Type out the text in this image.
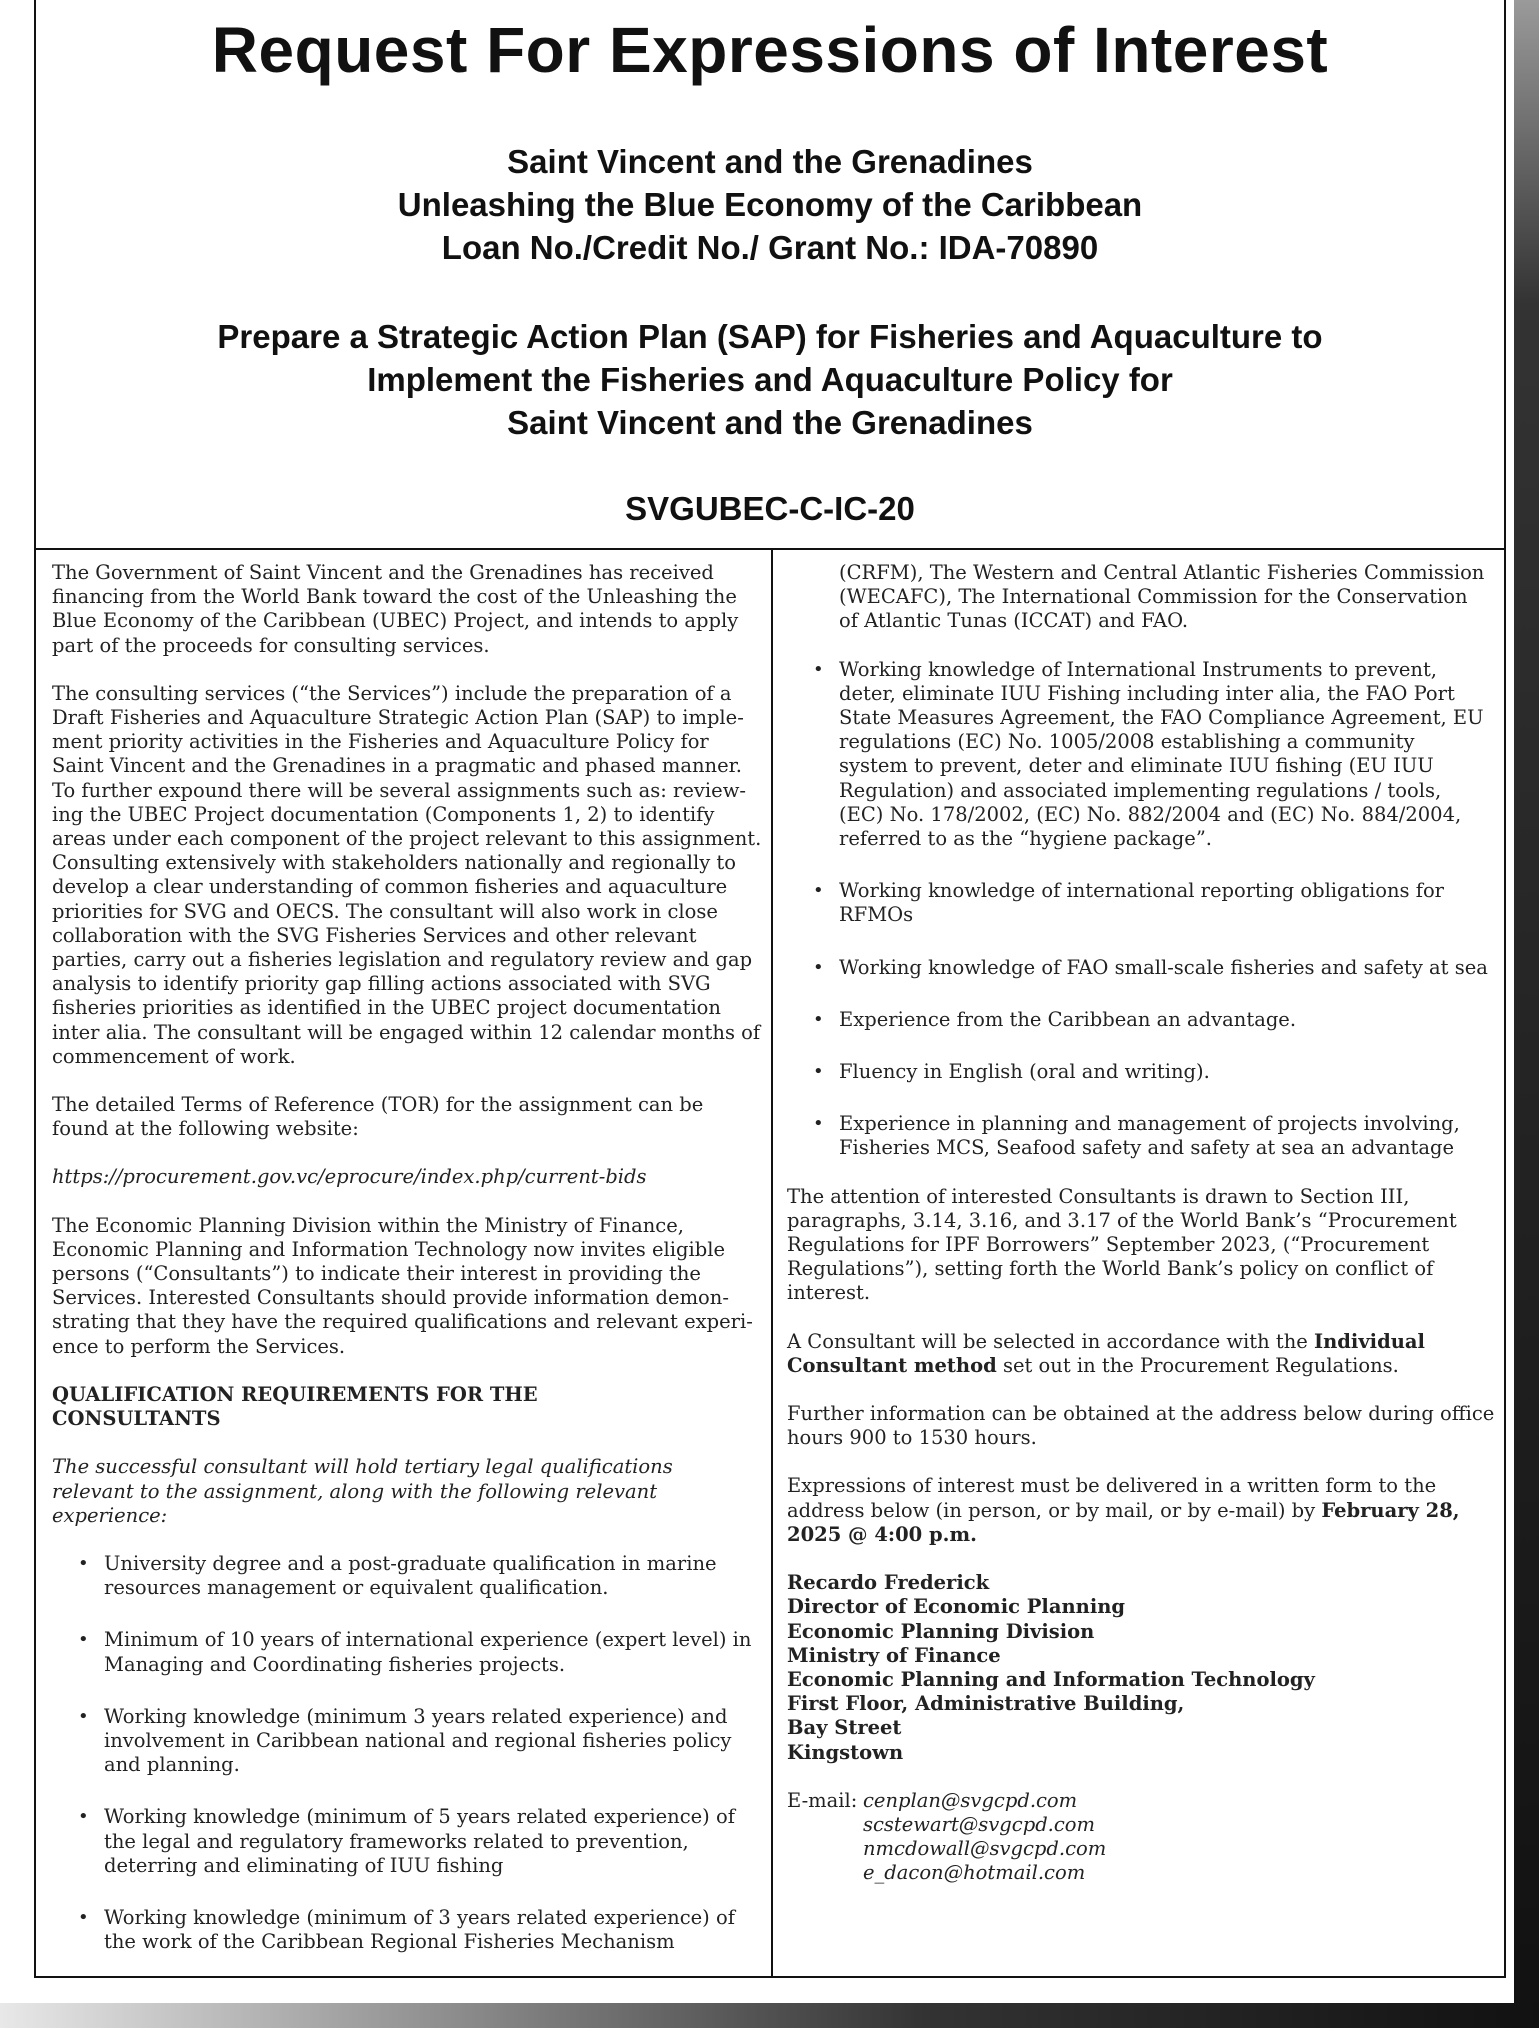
Request For Expressions of Interest
Saint Vincent and the Grenadines
Unleashing the Blue Economy of the Caribbean
Loan No./Credit No./ Grant No.: IDA-70890
Prepare a Strategic Action Plan (SAP) for Fisheries and Aquaculture to
Implement the Fisheries and Aquaculture Policy for
Saint Vincent and the Grenadines
SVGUBEC-C-IC-20

The Government of Saint Vincent and the Grenadines has received
financing from the World Bank toward the cost of the Unleashing the
Blue Economy of the Caribbean (UBEC) Project, and intends to apply
part of the proceeds for consulting services.

The consulting services (“the Services”) include the preparation of a
Draft Fisheries and Aquaculture Strategic Action Plan (SAP) to imple-
ment priority activities in the Fisheries and Aquaculture Policy for
Saint Vincent and the Grenadines in a pragmatic and phased manner.
To further expound there will be several assignments such as: review-
ing the UBEC Project documentation (Components 1, 2) to identify
areas under each component of the project relevant to this assignment.
Consulting extensively with stakeholders nationally and regionally to
develop a clear understanding of common fisheries and aquaculture
priorities for SVG and OECS. The consultant will also work in close
collaboration with the SVG Fisheries Services and other relevant
parties, carry out a fisheries legislation and regulatory review and gap
analysis to identify priority gap filling actions associated with SVG
fisheries priorities as identified in the UBEC project documentation
inter alia. The consultant will be engaged within 12 calendar months of
commencement of work.

The detailed Terms of Reference (TOR) for the assignment can be
found at the following website:

https://procurement.gov.vc/eprocure/index.php/current-bids

The Economic Planning Division within the Ministry of Finance,
Economic Planning and Information Technology now invites eligible
persons (“Consultants”) to indicate their interest in providing the
Services. Interested Consultants should provide information demon-
strating that they have the required qualifications and relevant experi-
ence to perform the Services.

QUALIFICATION REQUIREMENTS FOR THE
CONSULTANTS

The successful consultant will hold tertiary legal qualifications
relevant to the assignment, along with the following relevant
experience:

• University degree and a post-graduate qualification in marine
resources management or equivalent qualification.
• Minimum of 10 years of international experience (expert level) in
Managing and Coordinating fisheries projects.
• Working knowledge (minimum 3 years related experience) and
involvement in Caribbean national and regional fisheries policy
and planning.
• Working knowledge (minimum of 5 years related experience) of
the legal and regulatory frameworks related to prevention,
deterring and eliminating of IUU fishing
• Working knowledge (minimum of 3 years related experience) of
the work of the Caribbean Regional Fisheries Mechanism

(CRFM), The Western and Central Atlantic Fisheries Commission
(WECAFC), The International Commission for the Conservation
of Atlantic Tunas (ICCAT) and FAO.

• Working knowledge of International Instruments to prevent,
deter, eliminate IUU Fishing including inter alia, the FAO Port
State Measures Agreement, the FAO Compliance Agreement, EU
regulations (EC) No. 1005/2008 establishing a community
system to prevent, deter and eliminate IUU fishing (EU IUU
Regulation) and associated implementing regulations / tools,
(EC) No. 178/2002, (EC) No. 882/2004 and (EC) No. 884/2004,
referred to as the “hygiene package”.
• Working knowledge of international reporting obligations for
RFMOs
• Working knowledge of FAO small-scale fisheries and safety at sea
• Experience from the Caribbean an advantage.
• Fluency in English (oral and writing).
• Experience in planning and management of projects involving,
Fisheries MCS, Seafood safety and safety at sea an advantage

The attention of interested Consultants is drawn to Section III,
paragraphs, 3.14, 3.16, and 3.17 of the World Bank’s “Procurement
Regulations for IPF Borrowers” September 2023, (“Procurement
Regulations”), setting forth the World Bank’s policy on conflict of
interest.

A Consultant will be selected in accordance with the Individual
Consultant method set out in the Procurement Regulations.

Further information can be obtained at the address below during office
hours 900 to 1530 hours.

Expressions of interest must be delivered in a written form to the
address below (in person, or by mail, or by e-mail) by February 28,
2025 @ 4:00 p.m.

Recardo Frederick
Director of Economic Planning
Economic Planning Division
Ministry of Finance
Economic Planning and Information Technology
First Floor, Administrative Building,
Bay Street
Kingstown
E-mail: cenplan@svgcpd.com
scstewart@svgcpd.com
nmcdowall@svgcpd.com
e_dacon@hotmail.com
